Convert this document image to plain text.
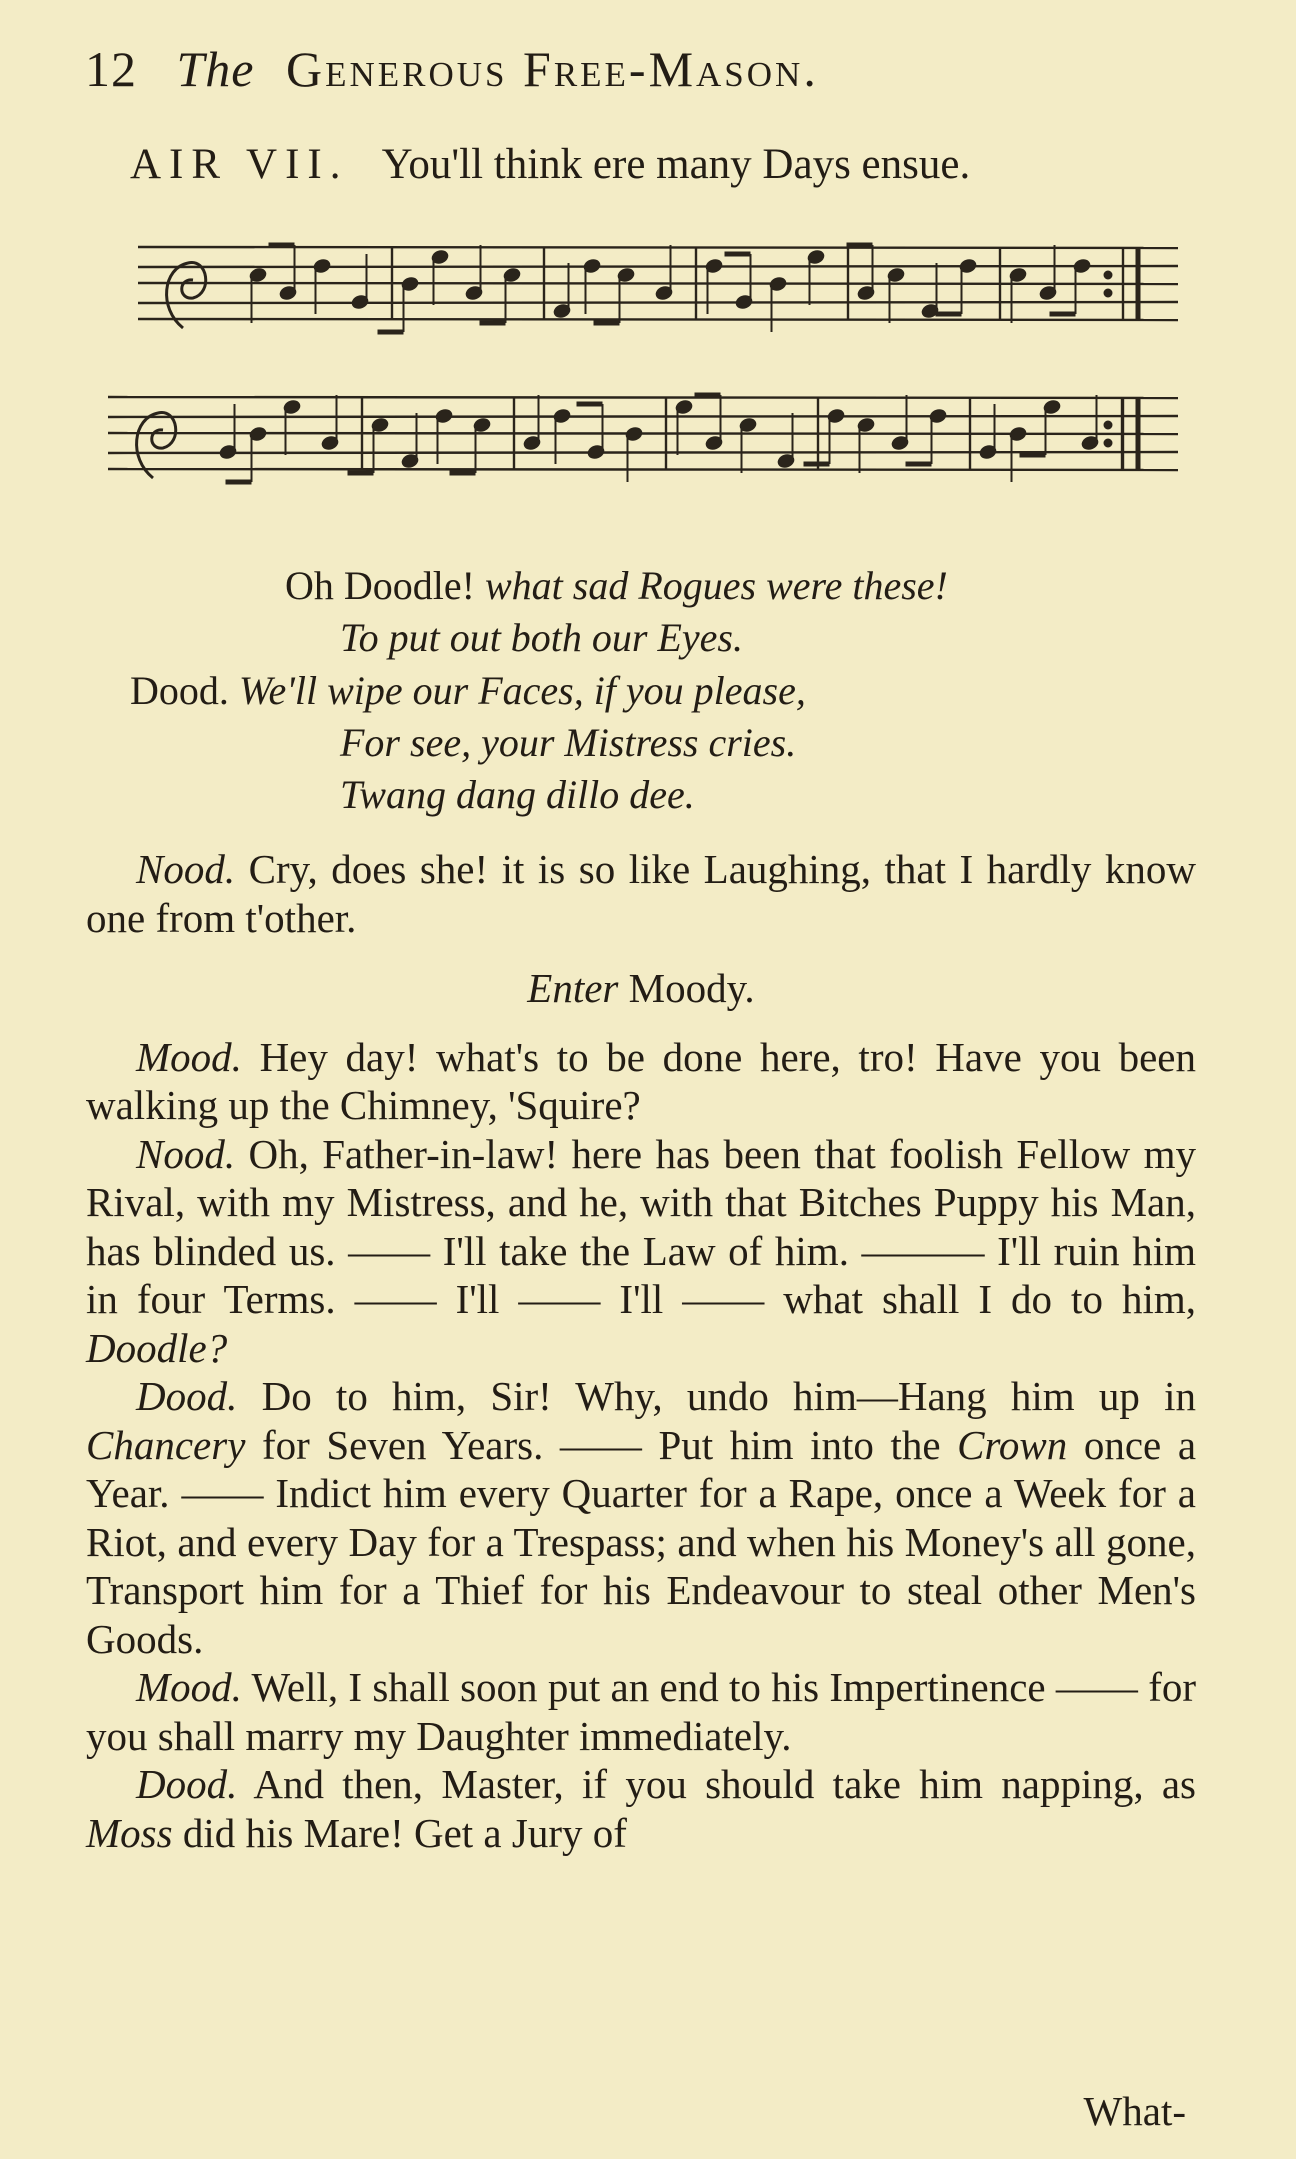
12 The Generous Free-Mason.
AIR VII. You'll think ere many Days ensue.
Oh Doodle! what sad Rogues were these!
To put out both our Eyes.
Dood. We'll wipe our Faces, if you please,
For see, your Mistress cries.
Twang dang dillo dee.

Nood. Cry, does she! it is so like Laughing, that I hardly know one from t'other.

Enter Moody.

Mood. Hey day! what's to be done here, tro! Have you been walking up the Chimney, 'Squire?

Nood. Oh, Father-in-law! here has been that foolish Fellow my Rival, with my Mistress, and he, with that Bitches Puppy his Man, has blinded us. —— I'll take the Law of him. ——— I'll ruin him in four Terms. —— I'll —— I'll —— what shall I do to him, Doodle?

Dood. Do to him, Sir! Why, undo him—Hang him up in Chancery for Seven Years. —— Put him into the Crown once a Year. —— Indict him every Quarter for a Rape, once a Week for a Riot, and every Day for a Trespass; and when his Money's all gone, Transport him for a Thief for his Endeavour to steal other Men's Goods.

Mood. Well, I shall soon put an end to his Impertinence —— for you shall marry my Daughter immediately.

Dood. And then, Master, if you should take him napping, as Moss did his Mare! Get a Jury of

What-
